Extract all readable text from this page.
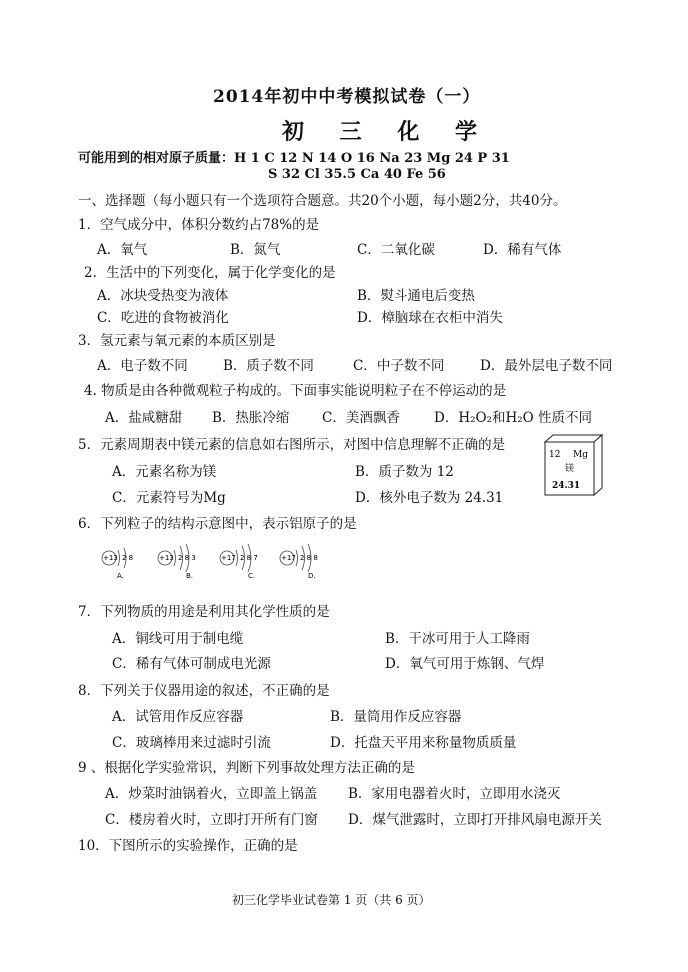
2014年初中中考模拟试卷（一）
初 三 化 学
可能用到的相对原子质量：H 1 C 12 N 14 O 16 Na 23 Mg 24 P 31
S 32 Cl 35.5 Ca 40 Fe 56
一、选择题（每小题只有一个选项符合题意。共20个小题，每小题2分，共40分。
1．空气成分中，体积分数约占78%的是
A．氧气	B．氮气	C．二氧化碳	D．稀有气体
2．生活中的下列变化，属于化学变化的是
A．冰块受热变为液体	B．熨斗通电后变热
C．吃进的食物被消化	D．樟脑球在衣柜中消失
3．氢元素与氧元素的本质区别是
A．电子数不同	B．质子数不同	C．中子数不同	D．最外层电子数不同
4. 物质是由各种微观粒子构成的。下面事实能说明粒子在不停运动的是
A．盐咸糖甜 B．热胀冷缩 C．美酒飘香	D．H₂O₂和H₂O 性质不同
5．元素周期表中镁元素的信息如右图所示，对图中信息理解不正确的是
A．元素名称为镁	B．质子数为 12
C．元素符号为Mg	D．核外电子数为 24.31
12 Mg
镁
24.31
6．下列粒子的结构示意图中，表示铝原子的是
+13 2 8
A.
+13 2 8 3
B.
+17 2 8 7
C.
+17 2 8 8
D.
7．下列物质的用途是利用其化学性质的是
A．铜线可用于制电缆	B．干冰可用于人工降雨
C．稀有气体可制成电光源	D．氧气可用于炼钢、气焊
8．下列关于仪器用途的叙述，不正确的是
A．试管用作反应容器	B．量筒用作反应容器
C．玻璃棒用来过滤时引流	D．托盘天平用来称量物质质量
9 、根据化学实验常识，判断下列事故处理方法正确的是
A．炒菜时油锅着火，立即盖上锅盖 B．家用电器着火时，立即用水浇灭
C．楼房着火时，立即打开所有门窗 D．煤气泄露时，立即打开排风扇电源开关
10．下图所示的实验操作，正确的是
初三化学毕业试卷第 1 页（共 6 页）
